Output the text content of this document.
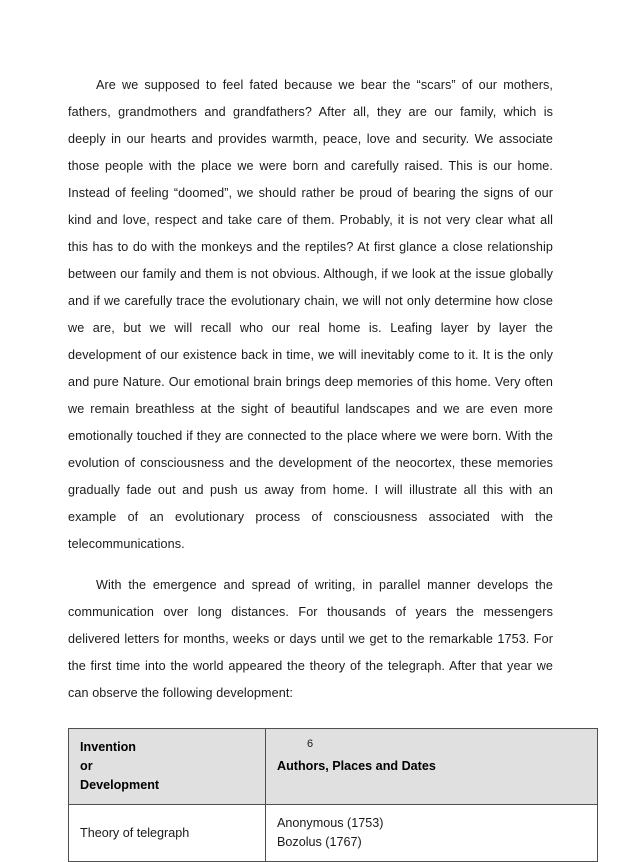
Are we supposed to feel fated because we bear the “scars” of our mothers, fathers, grandmothers and grandfathers? After all, they are our family, which is deeply in our hearts and provides warmth, peace, love and security. We associate those people with the place we were born and carefully raised. This is our home. Instead of feeling “doomed”, we should rather be proud of bearing the signs of our kind and love, respect and take care of them. Probably, it is not very clear what all this has to do with the monkeys and the reptiles? At first glance a close relationship between our family and them is not obvious. Although, if we look at the issue globally and if we carefully trace the evolutionary chain, we will not only determine how close we are, but we will recall who our real home is. Leafing layer by layer the development of our existence back in time, we will inevitably come to it. It is the only and pure Nature. Our emotional brain brings deep memories of this home. Very often we remain breathless at the sight of beautiful landscapes and we are even more emotionally touched if they are connected to the place where we were born. With the evolution of consciousness and the development of the neocortex, these memories gradually fade out and push us away from home. I will illustrate all this with an example of an evolutionary process of consciousness associated with the telecommunications.

With the emergence and spread of writing, in parallel manner develops the communication over long distances. For thousands of years the messengers delivered letters for months, weeks or days until we get to the remarkable 1753. For the first time into the world appeared the theory of the telegraph. After that year we can observe the following development:

Invention
or
Development	Authors, Places and Dates
Theory of telegraph	Anonymous (1753)
Bozolus (1767)
6
